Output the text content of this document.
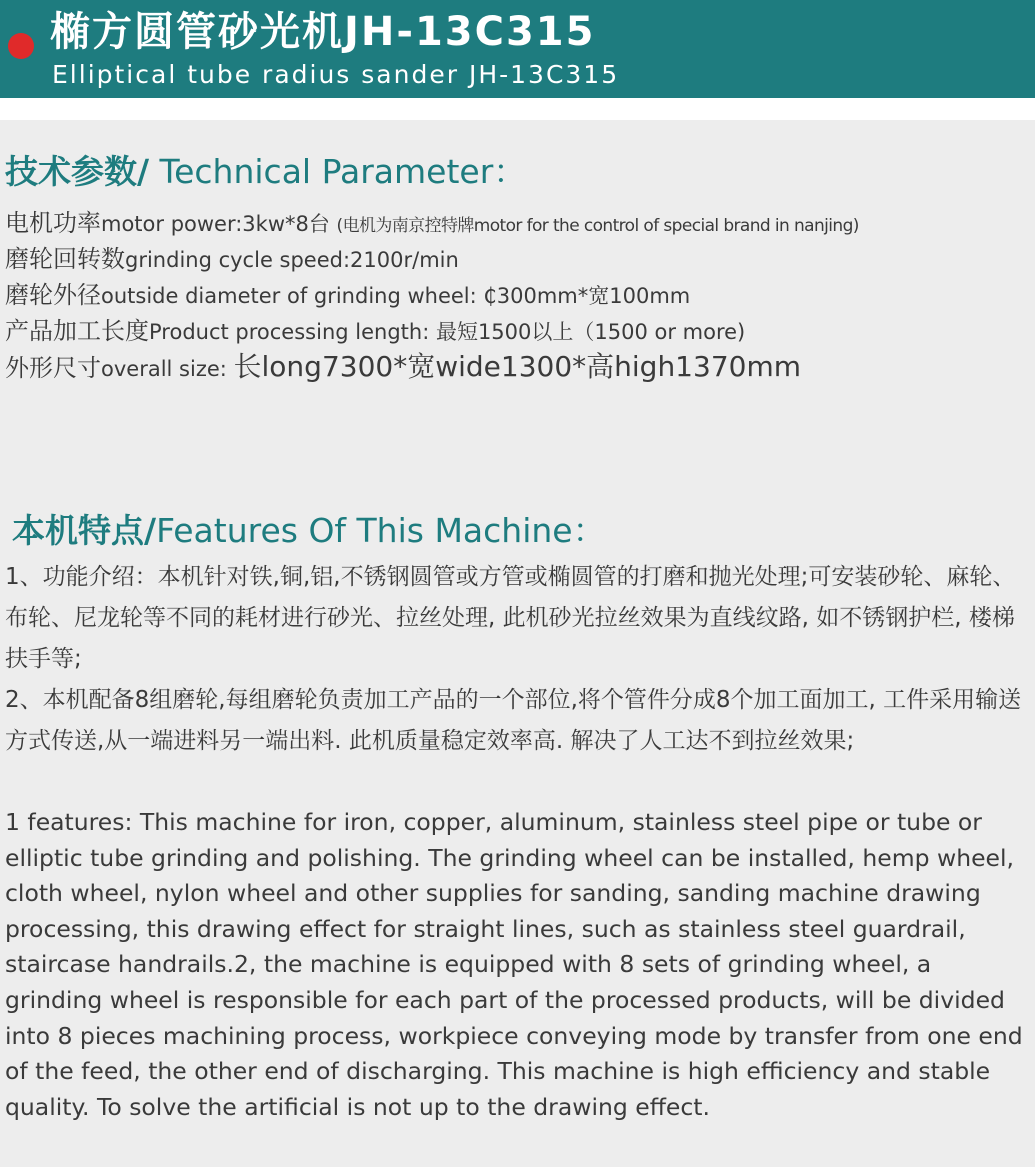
椭方圆管砂光机JH-13C315
Elliptical tube radius sander JH-13C315
技术参数/ Technical Parameter：
电机功率motor power:3kw*8台 (电机为南京控特牌motor for the control of special brand in nanjing)
磨轮回转数grinding cycle speed:2100r/min
磨轮外径outside diameter of grinding wheel: ₵300mm*宽100mm
产品加工长度Product processing length: 最短1500以上（1500 or more)
外形尺寸overall size: 长long7300*宽wide1300*高high1370mm
本机特点/Features Of This Machine：

1、功能介绍：本机针对铁,铜,铝,不锈钢圆管或方管或椭圆管的打磨和抛光处理;可安装砂轮、麻轮、布轮、尼龙轮等不同的耗材进行砂光、拉丝处理, 此机砂光拉丝效果为直线纹路, 如不锈钢护栏, 楼梯扶手等;

2、本机配备8组磨轮,每组磨轮负责加工产品的一个部位,将个管件分成8个加工面加工, 工件采用输送方式传送,从一端进料另一端出料. 此机质量稳定效率高. 解决了人工达不到拉丝效果;

1 features: This machine for iron, copper, aluminum, stainless steel pipe or tube or elliptic tube grinding and polishing. The grinding wheel can be installed, hemp wheel, cloth wheel, nylon wheel and other supplies for sanding, sanding machine drawing processing, this drawing effect for straight lines, such as stainless steel guardrail, staircase handrails.2, the machine is equipped with 8 sets of grinding wheel, a grinding wheel is responsible for each part of the processed products, will be divided into 8 pieces machining process, workpiece conveying mode by transfer from one end of the feed, the other end of discharging. This machine is high efficiency and stable quality. To solve the artificial is not up to the drawing effect.
